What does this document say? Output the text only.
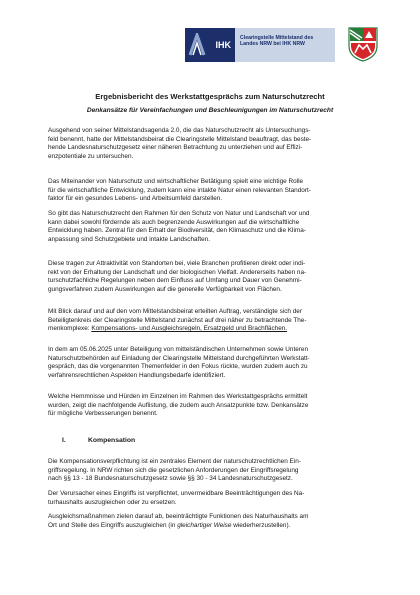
IHK
Clearingstelle Mittelstand des
Landes NRW bei IHK NRW
Ergebnisbericht des Werkstattgesprächs zum Naturschutzrecht
Denkansätze für Vereinfachungen und Beschleunigungen im Naturschutzrecht

Ausgehend von seiner Mittelstandsagenda 2.0, die das Naturschutzrecht als Untersuchungs-
feld benennt, hatte der Mittelstandsbeirat die Clearingstelle Mittelstand beauftragt, das bestе-
hende Landesnaturschutzgesetz einer näheren Betrachtung zu unterziehen und auf Effizi-
enzpotentiale zu untersuchen.

Das Miteinander von Naturschutz und wirtschaftlicher Betätigung spielt eine wichtige Rolle
für die wirtschaftliche Entwicklung, zudem kann eine intakte Natur einen relevanten Standort-
faktor für ein gesundes Lebens- und Arbeitsumfeld darstellen.

So gibt das Naturschutzrecht den Rahmen für den Schutz von Natur und Landschaft vor und
kann dabei sowohl fördernde als auch begrenzende Auswirkungen auf die wirtschaftliche
Entwicklung haben. Zentral für den Erhalt der Biodiversität, den Klimaschutz und die Klima-
anpassung sind Schutzgebiete und intakte Landschaften.

Diese tragen zur Attraktivität von Standorten bei, viele Branchen profitieren direkt oder indi-
rekt von der Erhaltung der Landschaft und der biologischen Vielfalt. Andererseits haben na-
turschutzfachliche Regelungen neben dem Einfluss auf Umfang und Dauer von Genehmi-
gungsverfahren zudem Auswirkungen auf die generelle Verfügbarkeit von Flächen.

Mit Blick darauf und auf den vom Mittelstandsbeirat erteilten Auftrag, verständigte sich der
Beteiligtenkreis der Clearingstelle Mittelstand zunächst auf drei näher zu betrachtende The-
menkomplexe: Kompensations- und Ausgleichsregeln, Ersatzgeld und Brachflächen.

In dem am 05.06.2025 unter Beteiligung von mittelständischen Unternehmen sowie Unteren
Naturschutzbehörden auf Einladung der Clearingstelle Mittelstand durchgeführten Werkstatt-
gespräch, das die vorgenannten Themenfelder in den Fokus rückte, wurden zudem auch zu
verfahrensrechtlichen Aspekten Handlungsbedarfe identifiziert.

Welche Hemmnisse und Hürden im Einzelnen im Rahmen des Werkstattgesprächs ermittelt
wurden, zeigt die nachfolgende Auflistung, die zudem auch Ansatzpunkte bzw. Denkansätze
für mögliche Verbesserungen benennt.

I.	Kompensation

Die Kompensationsverpflichtung ist ein zentrales Element der naturschutzrechtlichen Ein-
griffsregelung. In NRW richten sich die gesetzlichen Anforderungen der Eingriffsregelung
nach §§ 13 - 18 Bundesnaturschutzgesetz sowie §§ 30 - 34 Landesnaturschutzgesetz.

Der Verursacher eines Eingriffs ist verpflichtet, unvermeidbare Beeinträchtigungen des Na-
turhaushalts auszugleichen oder zu ersetzen.

Ausgleichsmaßnahmen zielen darauf ab, beeinträchtigte Funktionen des Naturhaushalts am
Ort und Stelle des Eingriffs auszugleichen (in gleichartiger Weise wiederherzustellen).
